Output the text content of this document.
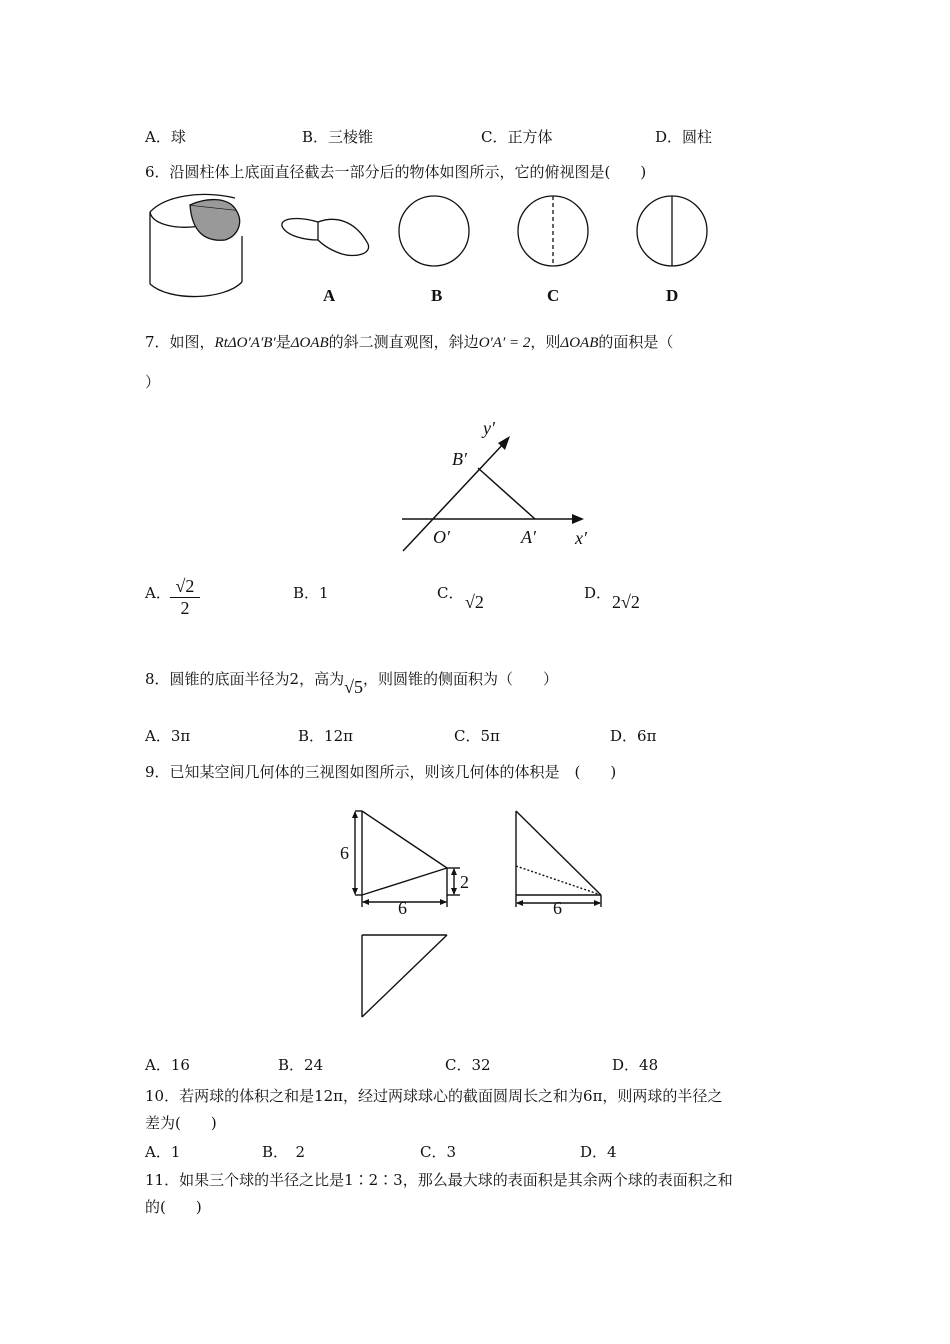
A．球	B．三棱锥	C．正方体	D．圆柱
6．沿圆柱体上底面直径截去一部分后的物体如图所示，它的俯视图是(　　)
A	B	C	D
7．如图，RtΔO′A′B′是ΔOAB的斜二测直观图，斜边O′A′ = 2，则ΔOAB的面积是（
）
y′
B′
O′	A′ x′
A． $\frac{√2}{2}$	B．1	C． √2	D． 2√2
8．圆锥的底面半径为2，高为√5，则圆锥的侧面积为（　　）
A．3π	B．12π	C．5π	D．6π
9．已知某空间几何体的三视图如图所示，则该几何体的体积是　(　　)
6
6
2
6
A．16	B．24	C．32	D．48
10．若两球的体积之和是12π，经过两球球心的截面圆周长之和为6π，则两球的半径之
差为(　　)
A．1	B．　2	C．3	D．4
11．如果三个球的半径之比是1∶2∶3，那么最大球的表面积是其余两个球的表面积之和
的(　　)
